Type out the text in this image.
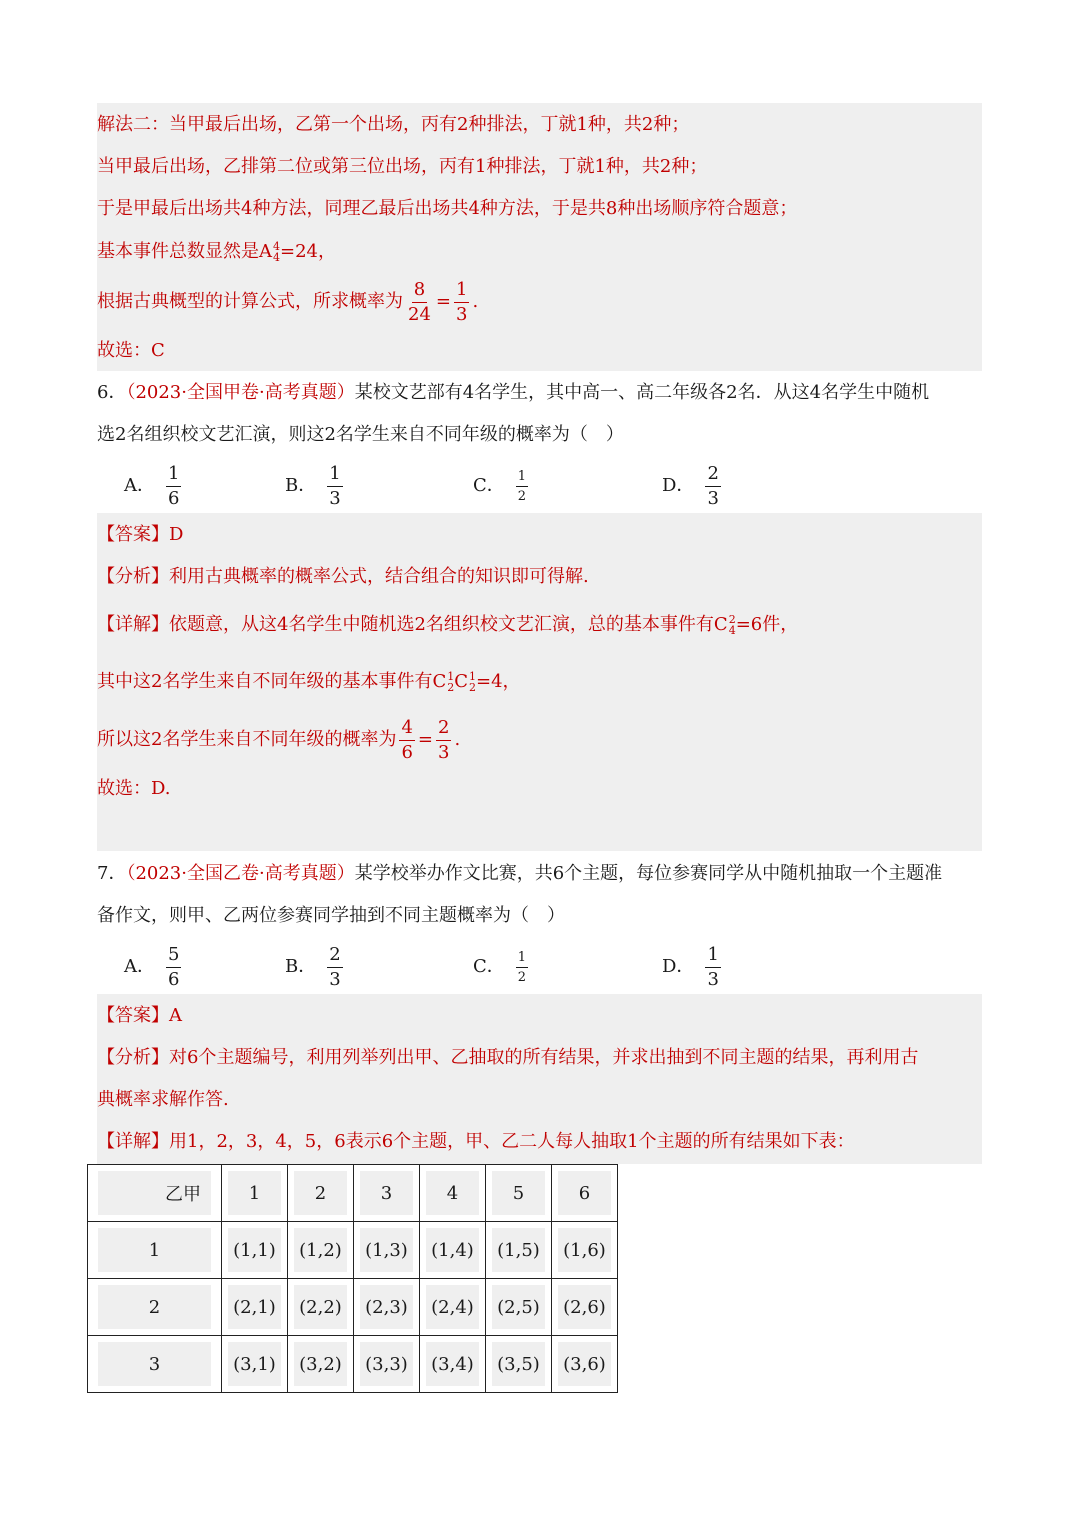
解法二：当甲最后出场，乙第一个出场，丙有2种排法，丁就1种，共2种；
当甲最后出场，乙排第二位或第三位出场，丙有1种排法，丁就1种，共2种；
于是甲最后出场共4种方法，同理乙最后出场共4种方法，于是共8种出场顺序符合题意；
基本事件总数显然是A 4
4 =24，
根据古典概型的计算公式，所求概率为 $\frac{8}{24} = \frac{1}{3}$ .
故选：C
6．（2023·全国甲卷·高考真题）某校文艺部有4名学生，其中高一、高二年级各2名．从这4名学生中随机
选2名组织校文艺汇演，则这2名学生来自不同年级的概率为（　）
A． $\frac{1}{6}$	B． $\frac{1}{3}$	C． $\frac{1}{2}$	D． $\frac{2}{3}$
【答案】D
【分析】利用古典概率的概率公式，结合组合的知识即可得解.
【详解】依题意，从这4名学生中随机选2名组织校文艺汇演，总的基本事件有C 2
4 =6件，
其中这2名学生来自不同年级的基本事件有C 1
2 C 1
2 =4，
所以这2名学生来自不同年级的概率为 $\frac{4}{6} = \frac{2}{3}$ .
故选：D.
7．（2023·全国乙卷·高考真题）某学校举办作文比赛，共6个主题，每位参赛同学从中随机抽取一个主题准
备作文，则甲、乙两位参赛同学抽到不同主题概率为（　）
A． $\frac{5}{6}$	B． $\frac{2}{3}$	C． $\frac{1}{2}$	D． $\frac{1}{3}$
【答案】A
【分析】对6个主题编号，利用列举列出甲、乙抽取的所有结果，并求出抽到不同主题的结果，再利用古
典概率求解作答.
【详解】用1，2，3，4，5，6表示6个主题，甲、乙二人每人抽取1个主题的所有结果如下表：
乙甲	1	2	3	4	5	6

1	(1,1)	(1,2)	(1,3)	(1,4)	(1,5)	(1,6)

2	(2,1)	(2,2)	(2,3)	(2,4)	(2,5)	(2,6)

3	(3,1)	(3,2)	(3,3)	(3,4)	(3,5)	(3,6)
